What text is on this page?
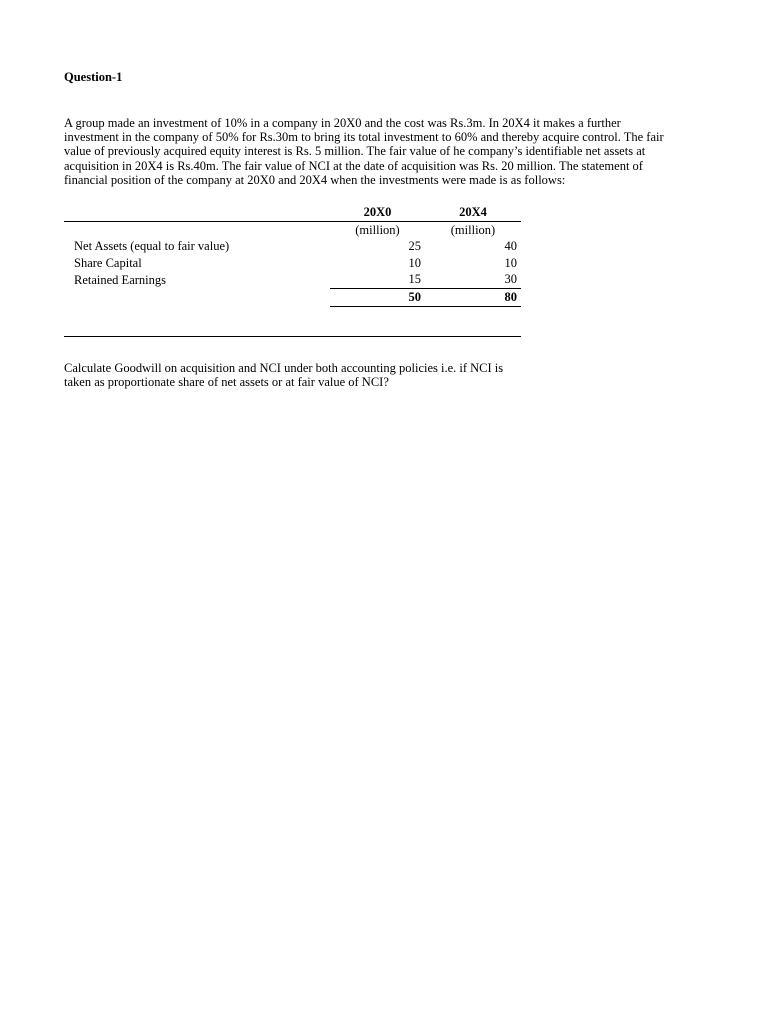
Question-1

A group made an investment of 10% in a company in 20X0 and the cost was Rs.3m. In 20X4 it makes a further investment in the company of 50% for Rs.30m to bring its total investment to 60% and thereby acquire control. The fair value of previously acquired equity interest is Rs. 5 million. The fair value of he company’s identifiable net assets at acquisition in 20X4 is Rs.40m. The fair value of NCI at the date of acquisition was Rs. 20 million. The statement of financial position of the company at 20X0 and 20X4 when the investments were made is as follows:

	20X0	20X4
	(million)	(million)
Net Assets (equal to fair value)	25	40
Share Capital	10	10
Retained Earnings	15	30
	50	80

Calculate Goodwill on acquisition and NCI under both accounting policies i.e. if NCI is taken as proportionate share of net assets or at fair value of NCI?
